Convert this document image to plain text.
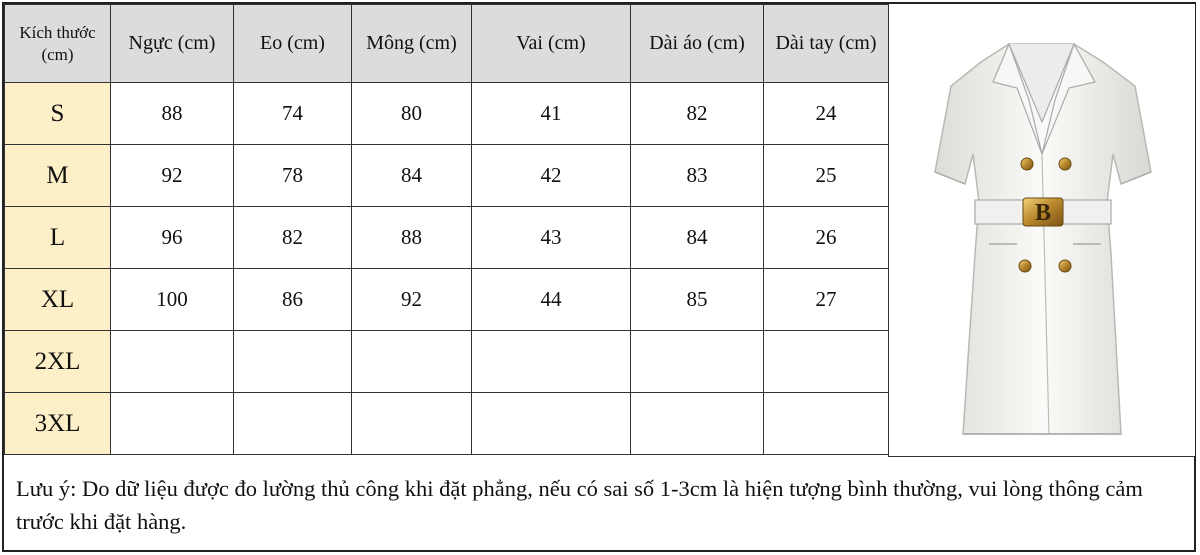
Kích thước
(cm)	Ngực (cm)	Eo (cm)	Mông (cm)	Vai (cm)	Dài áo (cm)	Dài tay (cm)
S	88	74	80	41	82	24
M	92	78	84	42	83	25
L	96	82	88	43	84	26
XL	100	86	92	44	85	27
2XL						
3XL						
B
Lưu ý: Do dữ liệu được đo lường thủ công khi đặt phẳng, nếu có sai số 1-3cm là hiện tượng bình thường, vui lòng thông cảm trước khi đặt hàng.
